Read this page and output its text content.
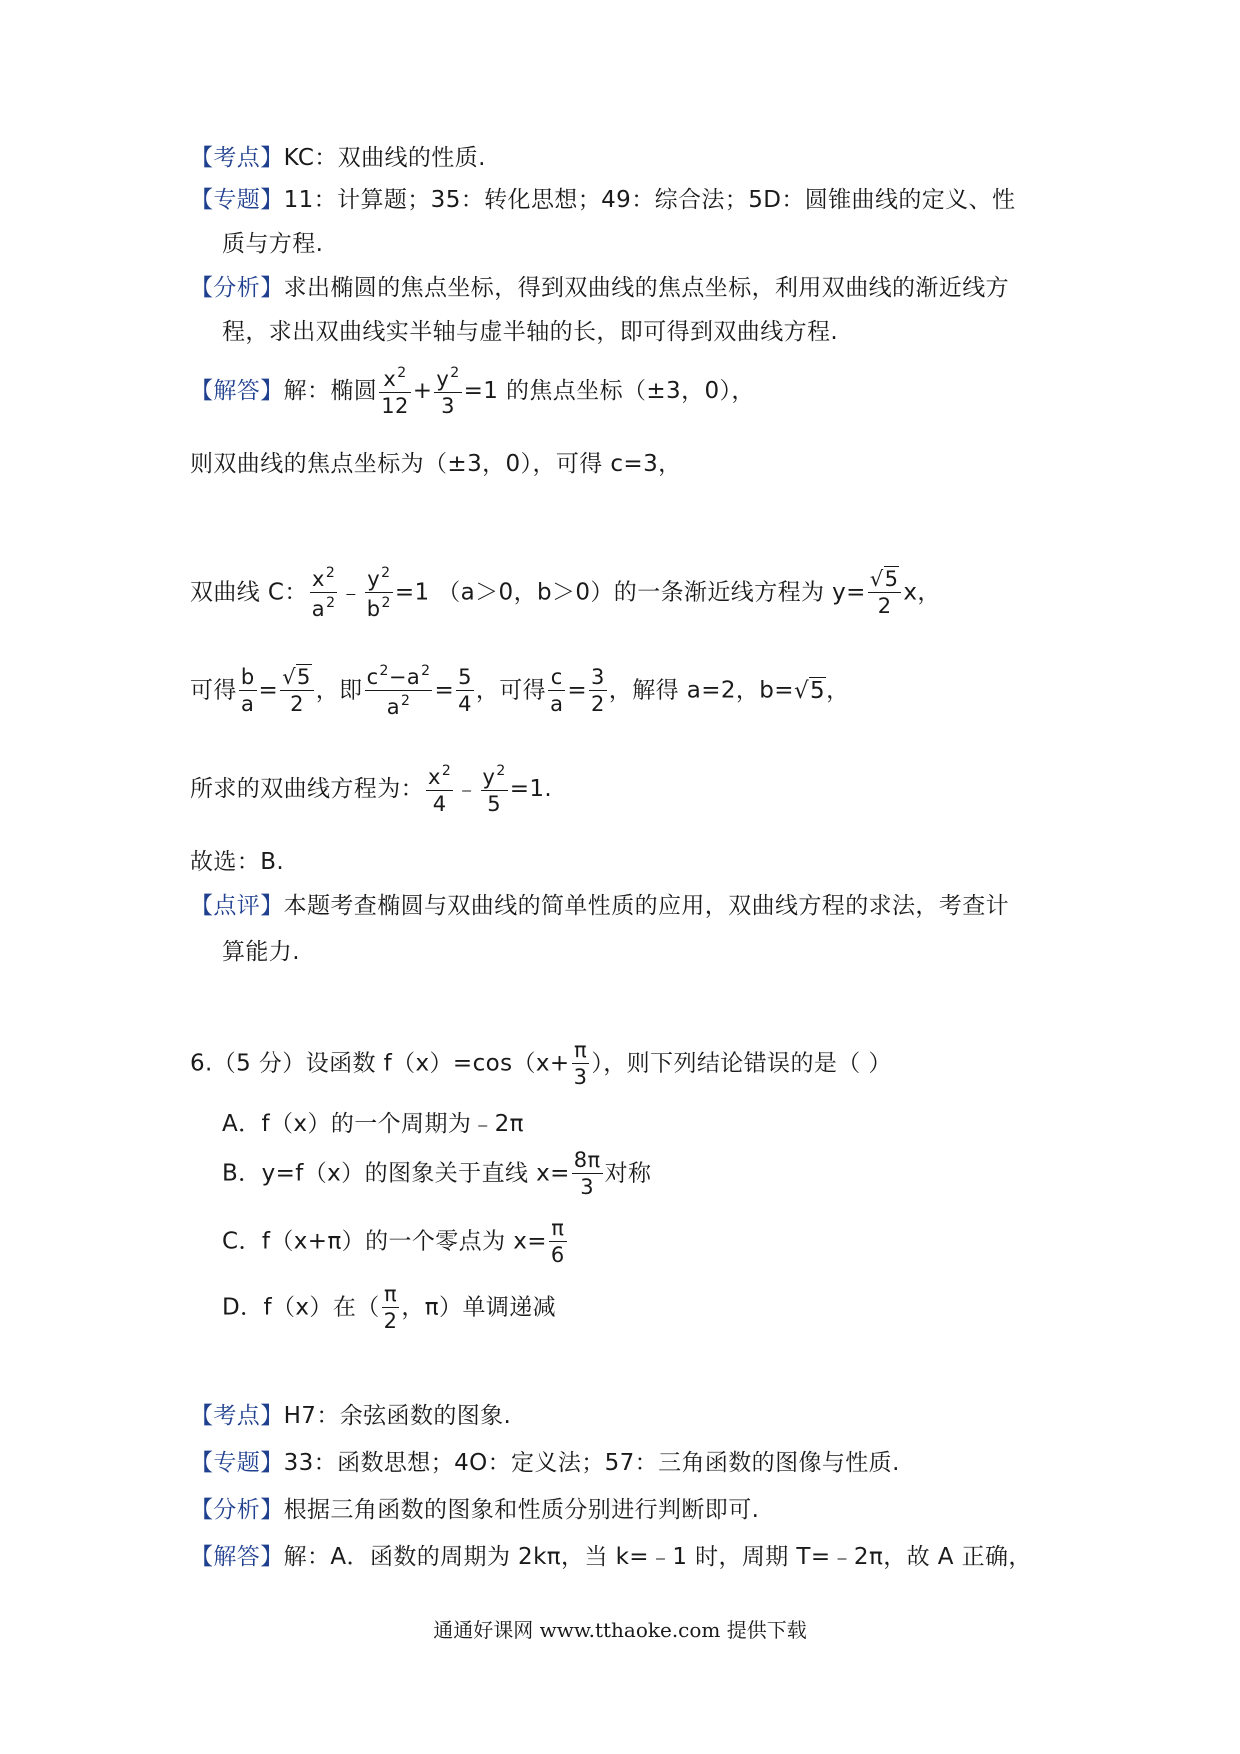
【考点】KC：双曲线的性质.
【专题】11：计算题；35：转化思想；49：综合法；5D：圆锥曲线的定义、性
质与方程.
【分析】求出椭圆的焦点坐标，得到双曲线的焦点坐标，利用双曲线的渐近线方
程，求出双曲线实半轴与虚半轴的长，即可得到双曲线方程.
【解答】解：椭圆 $\frac{x^2}{12} + \frac{y^2}{3} =1$ 的焦点坐标（±3，0），
则双曲线的焦点坐标为（±3，0），可得 c=3，
双曲线 C： $\frac{x^2}{a^2}$ ﹣ $\frac{y^2}{b^2} =1$ （a＞0，b＞0）的一条渐近线方程为 $y= \frac{√5}{2}$ x，
可得 $\frac{b}{a} = \frac{√5}{2}$ ，即 $\frac{c^2-a^2}{a^2} = \frac{5}{4}$ ，可得 $\frac{c}{a} = \frac{3}{2}$ ，解得 a=2，b=√5，
所求的双曲线方程为： $\frac{x^2}{4}$ ﹣ $\frac{y^2}{5} =1$.
故选：B.
【点评】本题考查椭圆与双曲线的简单性质的应用，双曲线方程的求法，考查计
算能力.
6.（5 分）设函数 $f(x)=\cos(x+ \frac{\pi}{3}$ ），则下列结论错误的是（ ）
A．f（x）的一个周期为﹣2π
B．y=f（x）的图象关于直线 $x= \frac{8\pi}{3}$ 对称
C．f（x+π）的一个零点为 $x= \frac{\pi}{6}$
D．f（x）在（ $\frac{\pi}{2}$ ，π）单调递减
【考点】H7：余弦函数的图象.
【专题】33：函数思想；4O：定义法；57：三角函数的图像与性质.
【分析】根据三角函数的图象和性质分别进行判断即可.
【解答】解：A．函数的周期为 2kπ，当 k=﹣1 时，周期 T=﹣2π，故 A 正确，
通通好课网 www.tthaoke.com 提供下载
